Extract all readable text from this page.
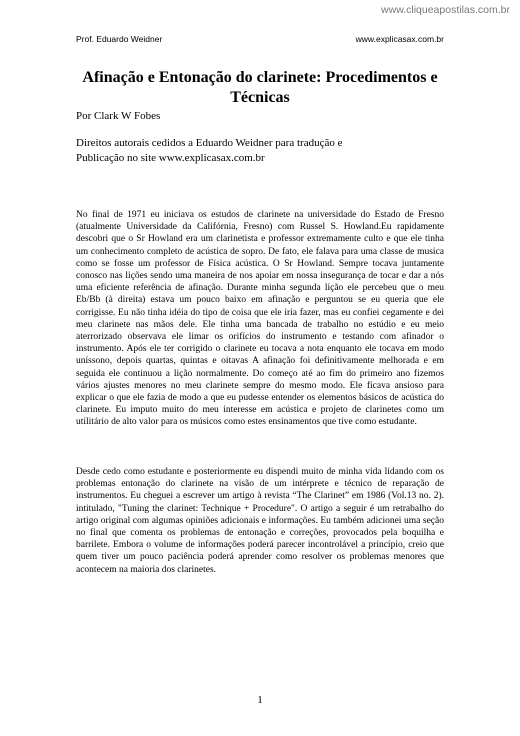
www.cliqueapostilas.com.br
Prof. Eduardo Weidner	www.explicasax.com.br
Afinação e Entonação do clarinete: Procedimentos e Técnicas
Por Clark W Fobes
Direitos autorais cedidos a Eduardo Weidner para tradução e
Publicação no site www.explicasax.com.br

No final de 1971 eu iniciava os estudos de clarinete na universidade do Estado de Fresno (atualmente Universidade da Califórnia, Fresno) com Russel S. Howland.Eu rapidamente descobri que o Sr Howland era um clarinetista e professor extremamente culto e que ele tinha um conhecimento completo de acústica de sopro. De fato, ele falava para uma classe de musica como se fosse um professor de Física acústica. O Sr Howland. Sempre tocava juntamente conosco nas lições sendo uma maneira de nos apoiar em nossa insegurança de tocar e dar a nós uma eficiente referência de afinação. Durante minha segunda lição ele percebeu que o meu Eb/Bb (à direita) estava um pouco baixo em afinação e perguntou se eu queria que ele corrigisse. Eu não tinha idéia do tipo de coisa que ele iria fazer, mas eu confiei cegamente e dei meu clarinete nas mãos dele. Ele tinha uma bancada de trabalho no estúdio e eu meio aterrorizado observava ele limar os orifícios do instrumento e testando com afinador o instrumento. Após ele ter corrigido o clarinete eu tocava a nota enquanto ele tocava em modo uníssono, depois quartas, quintas e oitavas A afinação foi definitivamente melhorada e em seguida ele continuou a lição normalmente. Do começo até ao fim do primeiro ano fizemos vários ajustes menores no meu clarinete sempre do mesmo modo. Ele ficava ansioso para explicar o que ele fazia de modo a que eu pudesse entender os elementos básicos de acústica do clarinete. Eu imputo muito do meu interesse em acústica e projeto de clarinetes como um utilitário de alto valor para os músicos como estes ensinamentos que tive como estudante.

Desde cedo como estudante e posteriormente eu dispendi muito de minha vida lidando com os problemas entonação do clarinete na visão de um intérprete e técnico de reparação de instrumentos. Eu cheguei a escrever um artigo à revista “The Clarinet” em 1986 (Vol.13 no. 2). intitulado, "Tuning the clarinet: Technique + Procedure". O artigo a seguir é um retrabalho do artigo original com algumas opiniões adicionais e informações. Eu também adicionei uma seção no final que comenta os problemas de entonação e correções, provocados pela boquilha e barrilete. Embora o volume de informações poderá parecer incontrolável a princípio, creio que quem tiver um pouco paciência poderá aprender como resolver os problemas menores que acontecem na maioria dos clarinetes.

1
